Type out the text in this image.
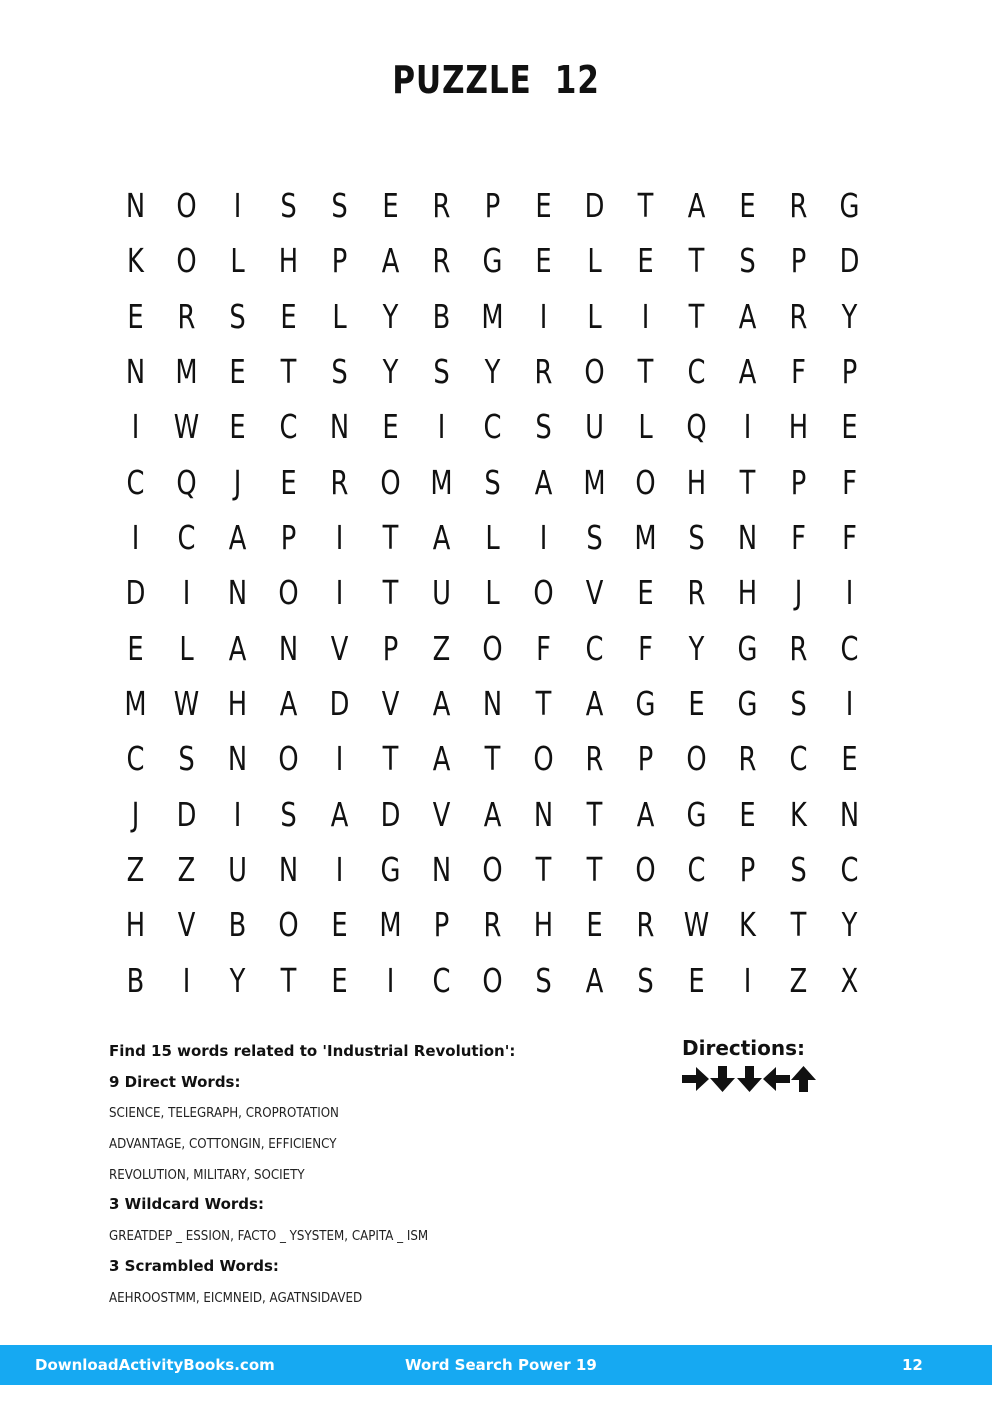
PUZZLE 12
N O	I	S	S	E	R	P	E D	T	A	E	R G
K O	L	H	P	A	R G E	L	E	T	S	P	D
E	R	S	E	L	Y	B M	I	L	I	T	A	R	Y
N M E	T	S	Y	S	Y	R O T	C	A	F	P
I	W E	C N	E	I	C	S	U	L	Q	I	H	E
C Q	J	E	R O M S	A M O H	T	P	F
I	C	A	P	I	T	A	L	I	S M S	N	F	F
D	I	N O	I	T	U	L	O V	E	R H	J	I
E	L	A N V	P	Z O	F	C	F	Y	G R	C
M W H A D V	A N	T	A G E G S	I
C	S	N O	I	T	A	T O R	P	O R	C	E
J	D	I	S	A D V	A N	T	A G E	K N
Z	Z U N	I	G N O T	T O C	P	S	C
H V	B O E M P	R H	E	R W K	T	Y
B	I	Y	T	E	I	C O S	A	S	E	I	Z	X
Find 15 words related to 'Industrial Revolution':
9 Direct Words:
SCIENCE, TELEGRAPH, CROPROTATION
ADVANTAGE, COTTONGIN, EFFICIENCY
REVOLUTION, MILITARY, SOCIETY
3 Wildcard Words:
GREATDEP _ ESSION, FACTO _ YSYSTEM, CAPITA _ ISM
3 Scrambled Words:
AEHROOSTMM, EICMNEID, AGATNSIDAVED
Directions:
DownloadActivityBooks.com	Word Search Power 19	12
